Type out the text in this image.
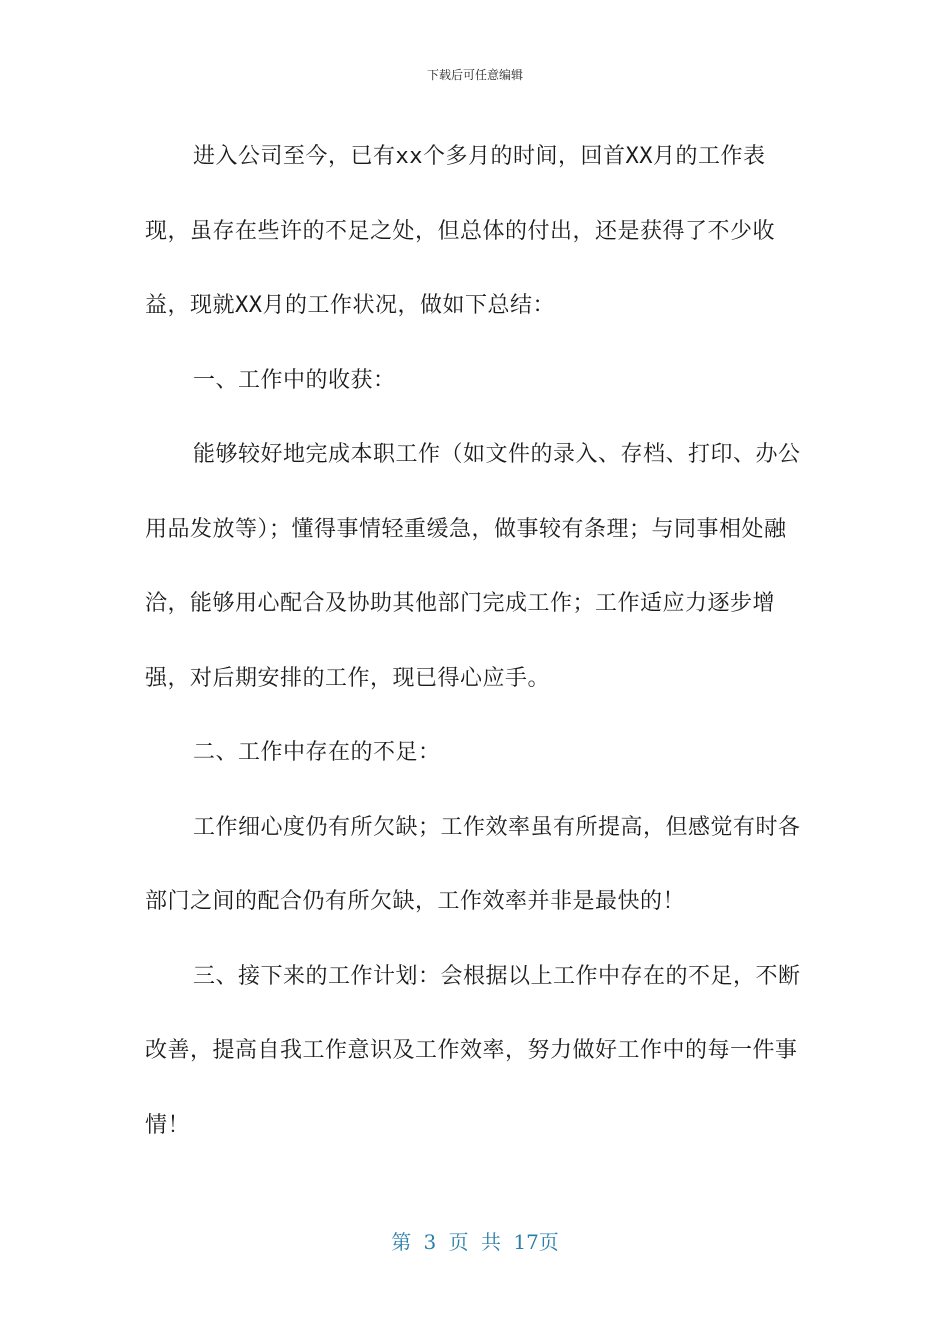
下载后可任意编辑

进入公司至今，已有xx个多月的时间，回首XX月的工作表现，虽存在些许的不足之处，但总体的付出，还是获得了不少收益，现就XX月的工作状况，做如下总结：

一、工作中的收获：

能够较好地完成本职工作（如文件的录入、存档、打印、办公用品发放等）；懂得事情轻重缓急，做事较有条理；与同事相处融洽，能够用心配合及协助其他部门完成工作；工作适应力逐步增强，对后期安排的工作，现已得心应手。

二、工作中存在的不足：

工作细心度仍有所欠缺；工作效率虽有所提高，但感觉有时各部门之间的配合仍有所欠缺，工作效率并非是最快的！

三、接下来的工作计划：会根据以上工作中存在的不足，不断改善，提高自我工作意识及工作效率，努力做好工作中的每一件事情！

第 3 页 共 17页
